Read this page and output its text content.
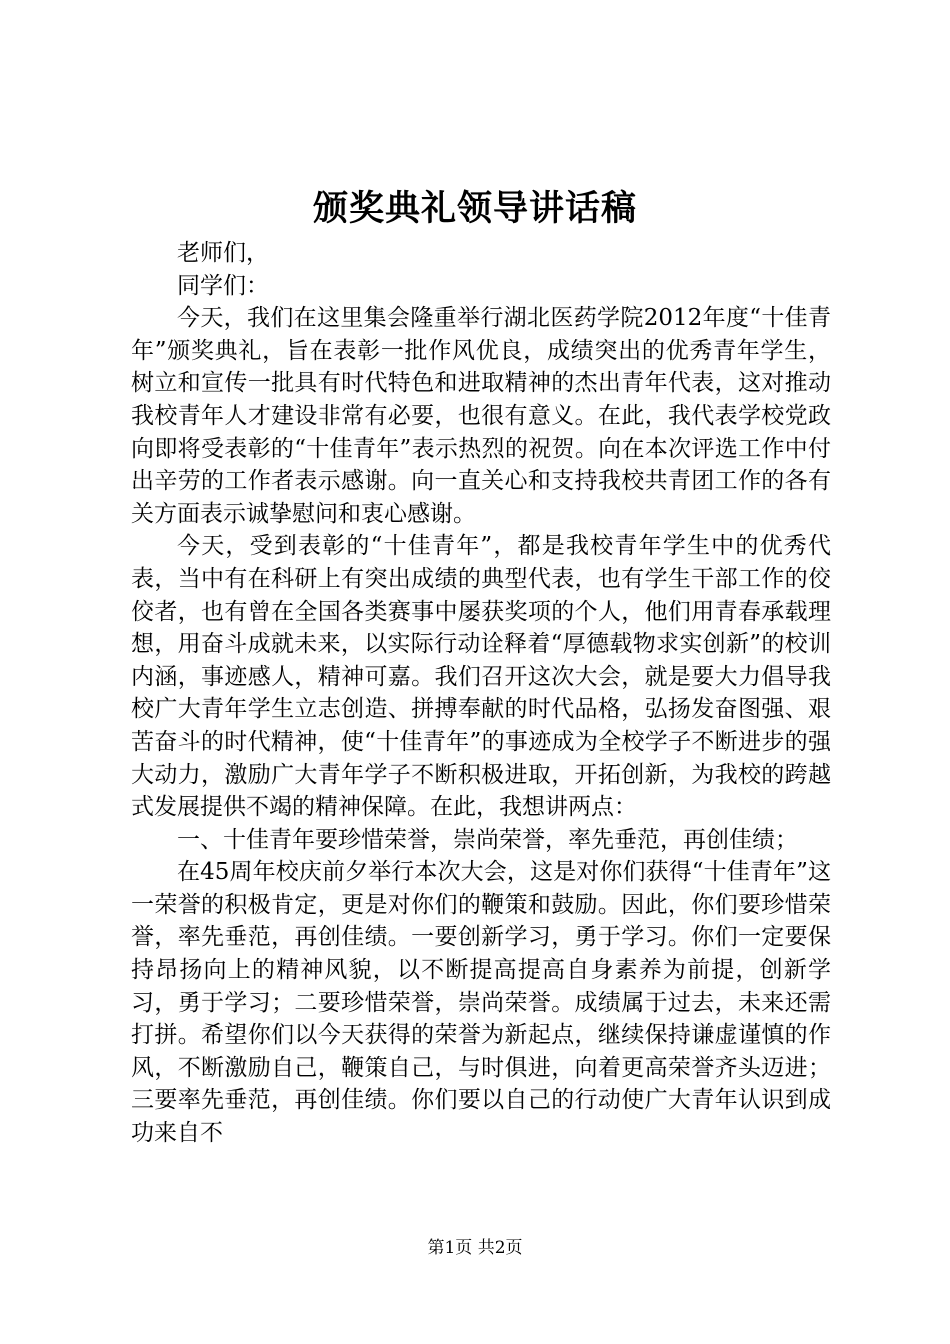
颁奖典礼领导讲话稿

老师们，

同学们：

今天，我们在这里集会隆重举行湖北医药学院2012年度“十佳青年”颁奖典礼，旨在表彰一批作风优良，成绩突出的优秀青年学生，树立和宣传一批具有时代特色和进取精神的杰出青年代表，这对推动我校青年人才建设非常有必要，也很有意义。在此，我代表学校党政向即将受表彰的“十佳青年”表示热烈的祝贺。向在本次评选工作中付出辛劳的工作者表示感谢。向一直关心和支持我校共青团工作的各有关方面表示诚挚慰问和衷心感谢。

今天，受到表彰的“十佳青年”，都是我校青年学生中的优秀代表，当中有在科研上有突出成绩的典型代表，也有学生干部工作的佼佼者，也有曾在全国各类赛事中屡获奖项的个人，他们用青春承载理想，用奋斗成就未来，以实际行动诠释着“厚德载物求实创新”的校训内涵，事迹感人，精神可嘉。我们召开这次大会，就是要大力倡导我校广大青年学生立志创造、拼搏奉献的时代品格，弘扬发奋图强、艰苦奋斗的时代精神，使“十佳青年”的事迹成为全校学子不断进步的强大动力，激励广大青年学子不断积极进取，开拓创新，为我校的跨越式发展提供不竭的精神保障。在此，我想讲两点：

一、十佳青年要珍惜荣誉，崇尚荣誉，率先垂范，再创佳绩；

在45周年校庆前夕举行本次大会，这是对你们获得“十佳青年”这一荣誉的积极肯定，更是对你们的鞭策和鼓励。因此，你们要珍惜荣誉，率先垂范，再创佳绩。一要创新学习，勇于学习。你们一定要保持昂扬向上的精神风貌，以不断提高提高自身素养为前提，创新学习，勇于学习；二要珍惜荣誉，崇尚荣誉。成绩属于过去，未来还需打拼。希望你们以今天获得的荣誉为新起点，继续保持谦虚谨慎的作风，不断激励自己，鞭策自己，与时俱进，向着更高荣誉齐头迈进；三要率先垂范，再创佳绩。你们要以自己的行动使广大青年认识到成功来自不

第1页 共2页
